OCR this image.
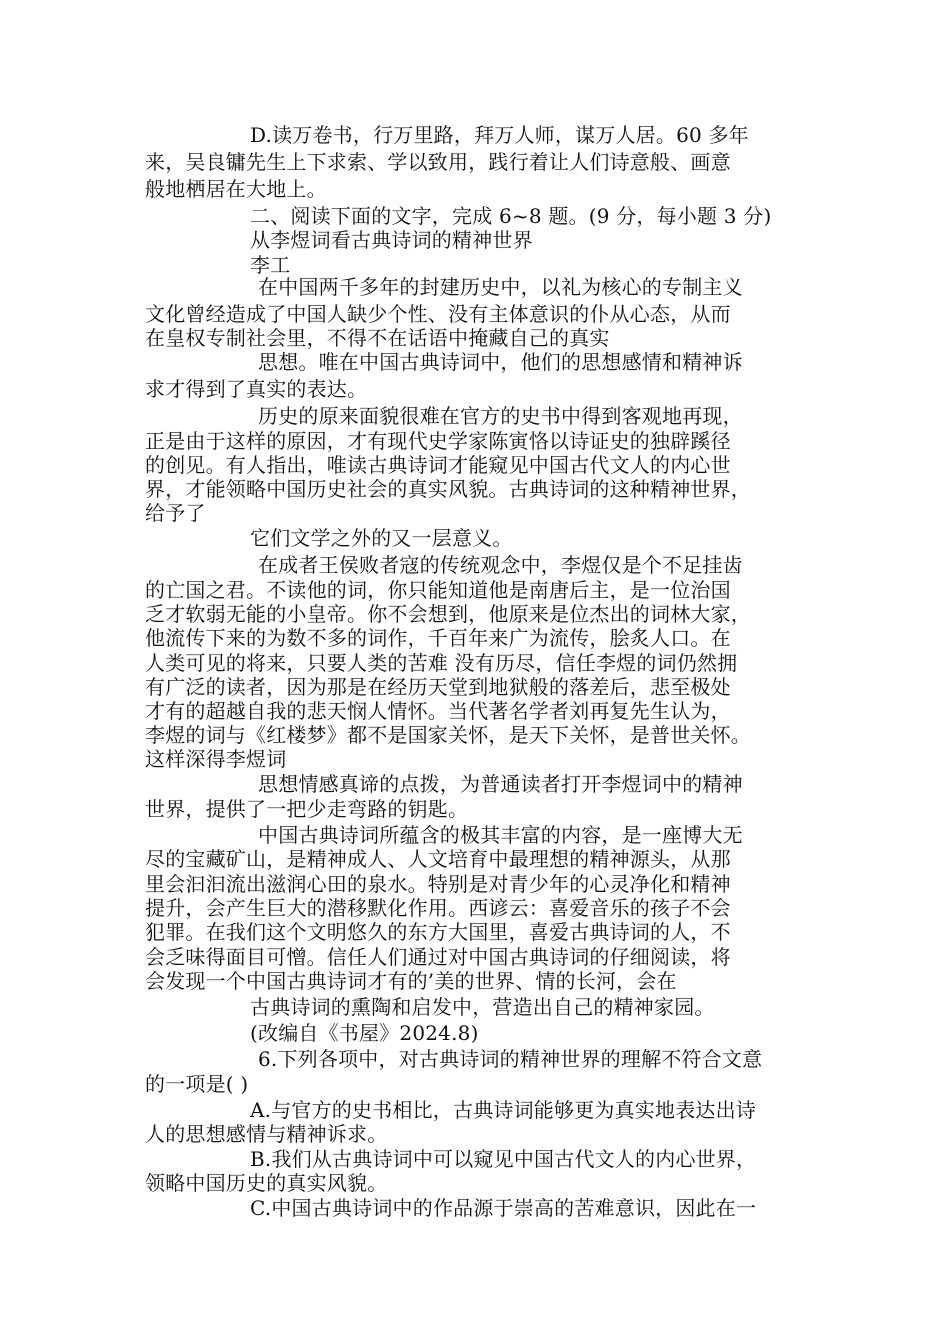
D.读万卷书，行万里路，拜万人师，谋万人居。60 多年
来，吴良镛先生上下求索、学以致用，践行着让人们诗意般、画意
般地栖居在大地上。
二、阅读下面的文字，完成 6~8 题。(9 分，每小题 3 分)
从李煜词看古典诗词的精神世界
李工
在中国两千多年的封建历史中，以礼为核心的专制主义
文化曾经造成了中国人缺少个性、没有主体意识的仆从心态，从而
在皇权专制社会里，不得不在话语中掩藏自己的真实
思想。唯在中国古典诗词中，他们的思想感情和精神诉
求才得到了真实的表达。
历史的原来面貌很难在官方的史书中得到客观地再现，
正是由于这样的原因，才有现代史学家陈寅恪以诗证史的独辟蹊径
的创见。有人指出，唯读古典诗词才能窥见中国古代文人的内心世
界，才能领略中国历史社会的真实风貌。古典诗词的这种精神世界，
给予了
它们文学之外的又一层意义。
在成者王侯败者寇的传统观念中，李煜仅是个不足挂齿
的亡国之君。不读他的词，你只能知道他是南唐后主，是一位治国
乏才软弱无能的小皇帝。你不会想到，他原来是位杰出的词林大家，
他流传下来的为数不多的词作，千百年来广为流传，脍炙人口。在
人类可见的将来，只要人类的苦难 没有历尽，信任李煜的词仍然拥
有广泛的读者，因为那是在经历天堂到地狱般的落差后，悲至极处
才有的超越自我的悲天悯人情怀。当代著名学者刘再复先生认为，
李煜的词与《红楼梦》都不是国家关怀，是天下关怀，是普世关怀。
这样深得李煜词
思想情感真谛的点拨，为普通读者打开李煜词中的精神
世界，提供了一把少走弯路的钥匙。
中国古典诗词所蕴含的极其丰富的内容，是一座博大无
尽的宝藏矿山，是精神成人、人文培育中最理想的精神源头，从那
里会汩汩流出滋润心田的泉水。特别是对青少年的心灵净化和精神
提升，会产生巨大的潜移默化作用。西谚云：喜爱音乐的孩子不会
犯罪。在我们这个文明悠久的东方大国里，喜爱古典诗词的人，不
会乏味得面目可憎。信任人们通过对中国古典诗词的仔细阅读，将
会发现一个中国古典诗词才有的’美的世界、情的长河，会在
古典诗词的熏陶和启发中，营造出自己的精神家园。
(改编自《书屋》2024.8)
6.下列各项中，对古典诗词的精神世界的理解不符合文意
的一项是( )
A.与官方的史书相比，古典诗词能够更为真实地表达出诗
人的思想感情与精神诉求。
B.我们从古典诗词中可以窥见中国古代文人的内心世界，
领略中国历史的真实风貌。
C.中国古典诗词中的作品源于崇高的苦难意识，因此在一
